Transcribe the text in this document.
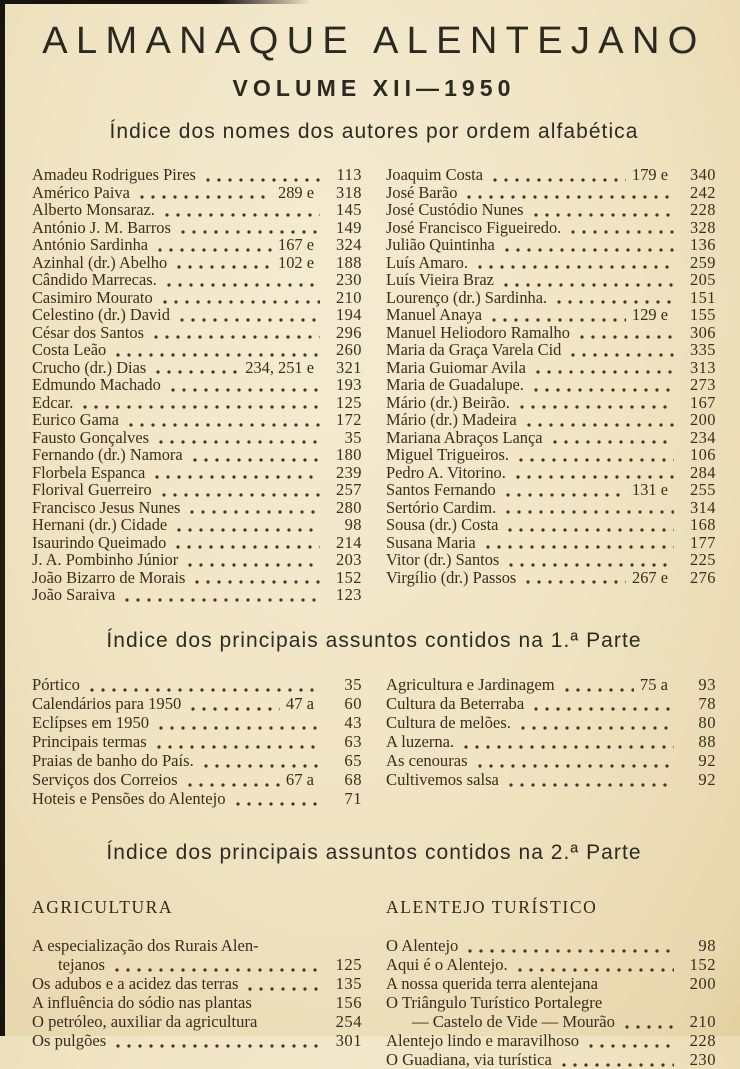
ALMANAQUE ALENTEJANO
VOLUME XII—1950
Índice dos nomes dos autores por ordem alfabética
Amadeu Rodrigues Pires	113
Américo Paiva	289 e	318
Alberto Monsaraz.	145
António J. M. Barros	149
António Sardinha	167 e	324
Azinhal (dr.) Abelho	102 e	188
Cândido Marrecas.	230
Casimiro Mourato	210
Celestino (dr.) David	194
César dos Santos	296
Costa Leão	260
Crucho (dr.) Dias	234, 251 e	321
Edmundo Machado	193
Edcar.	125
Eurico Gama	172
Fausto Gonçalves	35
Fernando (dr.) Namora	180
Florbela Espanca	239
Florival Guerreiro	257
Francisco Jesus Nunes	280
Hernani (dr.) Cidade	98
Isaurindo Queimado	214
J. A. Pombinho Júnior	203
João Bizarro de Morais	152
João Saraiva	123
Joaquim Costa	179 e	340
José Barão	242
José Custódio Nunes	228
José Francisco Figueiredo.	328
Julião Quintinha	136
Luís Amaro.	259
Luís Vieira Braz	205
Lourenço (dr.) Sardinha.	151
Manuel Anaya	129 e	155
Manuel Heliodoro Ramalho	306
Maria da Graça Varela Cid	335
Maria Guiomar Avila	313
Maria de Guadalupe.	273
Mário (dr.) Beirão.	167
Mário (dr.) Madeira	200
Mariana Abraços Lança	234
Miguel Trigueiros.	106
Pedro A. Vitorino.	284
Santos Fernando	131 e	255
Sertório Cardim.	314
Sousa (dr.) Costa	168
Susana Maria	177
Vitor (dr.) Santos	225
Virgílio (dr.) Passos	267 e	276
Índice dos principais assuntos contidos na 1.ª Parte
Pórtico	35
Calendários para 1950	47 a	60
Eclípses em 1950	43
Principais termas	63
Praias de banho do País.	65
Serviços dos Correios	67 a	68
Hoteis e Pensões do Alentejo	71
Agricultura e Jardinagem	75 a	93
Cultura da Beterraba	78
Cultura de melões.	80
A luzerna.	88
As cenouras	92
Cultivemos salsa	92
Índice dos principais assuntos contidos na 2.ª Parte
AGRICULTURA
A especialização dos Rurais Alen-
tejanos	125
Os adubos e a acidez das terras	135
A influência do sódio nas plantas	156
O petróleo, auxiliar da agricultura	254
Os pulgões	301
ALENTEJO TURÍSTICO
O Alentejo	98
Aqui é o Alentejo.	152
A nossa querida terra alentejana	200
O Triângulo Turístico Portalegre
— Castelo de Vide — Mourão	210
Alentejo lindo e maravilhoso	228
O Guadiana, via turística	230
